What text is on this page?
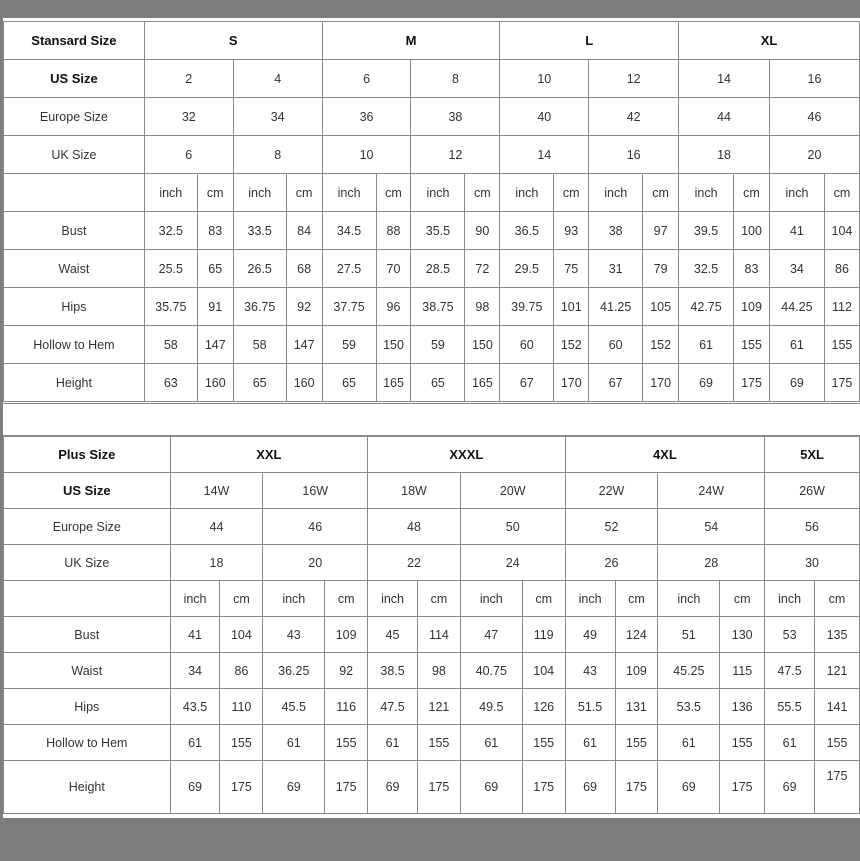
Stansard Size	S				M				L				XL			
US Size	2		4		6		8		10		12		14		16	
Europe Size	32		34		36		38		40		42		44		46	
UK Size	6		8		10		12		14		16		18		20	
	inch	cm	inch	cm	inch	cm	inch	cm	inch	cm	inch	cm	inch	cm	inch	cm
Bust	32.5	83	33.5	84	34.5	88	35.5	90	36.5	93	38	97	39.5	100	41	104
Waist	25.5	65	26.5	68	27.5	70	28.5	72	29.5	75	31	79	32.5	83	34	86
Hips	35.75	91	36.75	92	37.75	96	38.75	98	39.75	101	41.25	105	42.75	109	44.25	112
Hollow to Hem	58	147	58	147	59	150	59	150	60	152	60	152	61	155	61	155
Height	63	160	65	160	65	165	65	165	67	170	67	170	69	175	69	175
Plus Size	XXL				XXXL				4XL				5XL	
US Size	14W		16W		18W		20W		22W		24W		26W	
Europe Size	44		46		48		50		52		54		56	
UK Size	18		20		22		24		26		28		30	
	inch	cm	inch	cm	inch	cm	inch	cm	inch	cm	inch	cm	inch	cm
Bust	41	104	43	109	45	114	47	119	49	124	51	130	53	135
Waist	34	86	36.25	92	38.5	98	40.75	104	43	109	45.25	115	47.5	121
Hips	43.5	110	45.5	116	47.5	121	49.5	126	51.5	131	53.5	136	55.5	141
Hollow to Hem	61	155	61	155	61	155	61	155	61	155	61	155	61	155
Height	69	175	69	175	69	175	69	175	69	175	69	175	69	175
